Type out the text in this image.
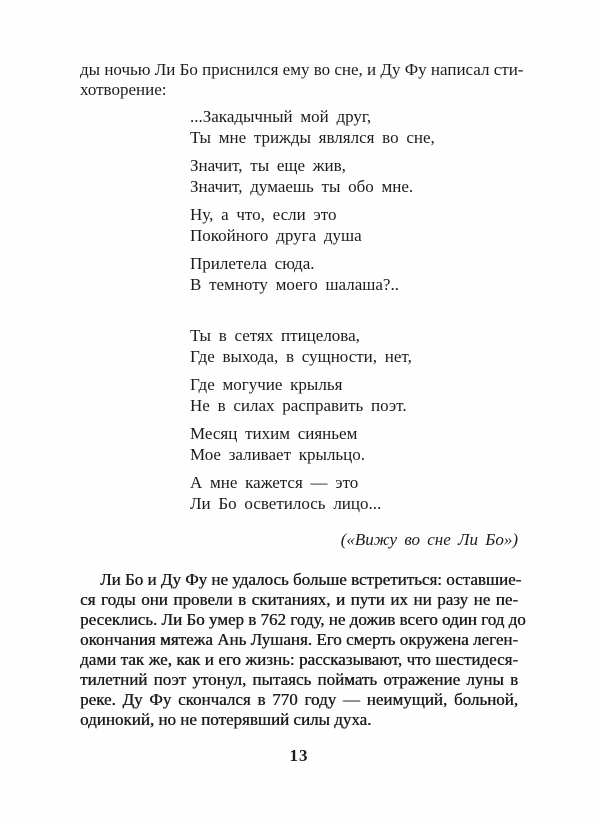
ды ночью Ли Бо приснился ему во сне, и Ду Фу написал сти-
хотворение:
...Закадычный мой друг,
Ты мне трижды являлся во сне,
Значит, ты еще жив,
Значит, думаешь ты обо мне.
Ну, а что, если это
Покойного друга душа
Прилетела сюда.
В темноту моего шалаша?..
Ты в сетях птицелова,
Где выхода, в сущности, нет,
Где могучие крылья
Не в силах расправить поэт.
Месяц тихим сияньем
Мое заливает крыльцо.
А мне кажется — это
Ли Бо осветилось лицо...
(«Вижу во сне Ли Бо»)
Ли Бо и Ду Фу не удалось больше встретиться: оставшие-
ся годы они провели в скитаниях, и пути их ни разу не пе-
ресеклись. Ли Бо умер в 762 году, не дожив всего один год до
окончания мятежа Ань Лушаня. Его смерть окружена леген-
дами так же, как и его жизнь: рассказывают, что шестидеся-
тилетний поэт утонул, пытаясь поймать отражение луны в
реке. Ду Фу скончался в 770 году — неимущий, больной,
одинокий, но не потерявший силы духа.
13
